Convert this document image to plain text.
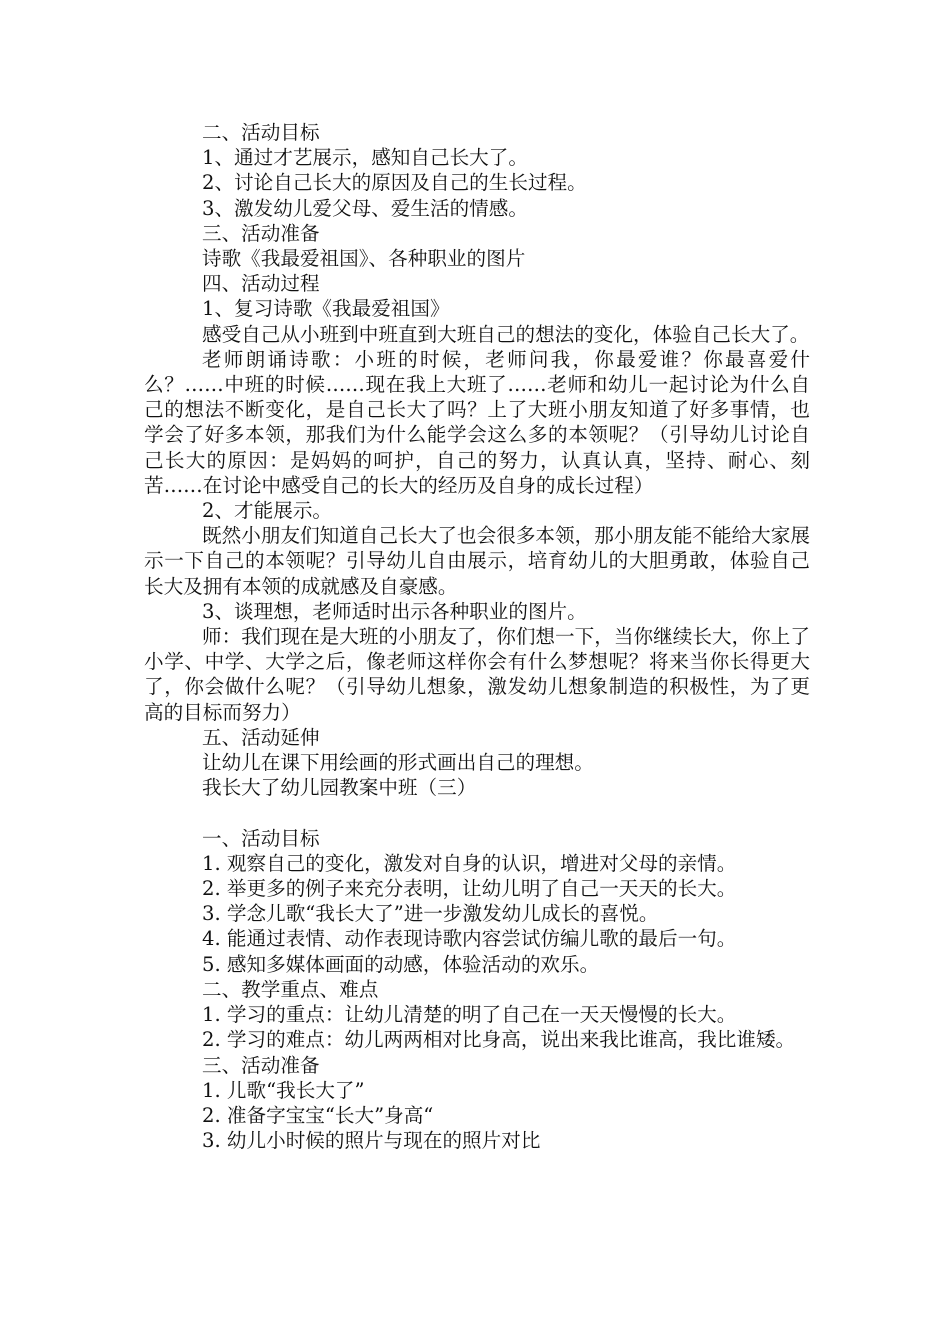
二、活动目标

1、通过才艺展示，感知自己长大了。

2、讨论自己长大的原因及自己的生长过程。

3、激发幼儿爱父母、爱生活的情感。

三、活动准备

诗歌《我最爱祖国》、各种职业的图片

四、活动过程

1、复习诗歌《我最爱祖国》

感受自己从小班到中班直到大班自己的想法的变化，体验自己长大了。

老师朗诵诗歌：小班的时候，老师问我，你最爱谁？你最喜爱什么？……中班的时候……现在我上大班了……老师和幼儿一起讨论为什么自己的想法不断变化，是自己长大了吗？上了大班小朋友知道了好多事情，也学会了好多本领，那我们为什么能学会这么多的本领呢？（引导幼儿讨论自己长大的原因：是妈妈的呵护，自己的努力，认真认真，坚持、耐心、刻苦……在讨论中感受自己的长大的经历及自身的成长过程）

2、才能展示。

既然小朋友们知道自己长大了也会很多本领，那小朋友能不能给大家展示一下自己的本领呢？引导幼儿自由展示，培育幼儿的大胆勇敢，体验自己长大及拥有本领的成就感及自豪感。

3、谈理想，老师适时出示各种职业的图片。

师：我们现在是大班的小朋友了，你们想一下，当你继续长大，你上了小学、中学、大学之后，像老师这样你会有什么梦想呢？将来当你长得更大了，你会做什么呢？（引导幼儿想象，激发幼儿想象制造的积极性，为了更高的目标而努力）

五、活动延伸

让幼儿在课下用绘画的形式画出自己的理想。

我长大了幼儿园教案中班（三）

一、活动目标

1. 观察自己的变化，激发对自身的认识，增进对父母的亲情。

2. 举更多的例子来充分表明，让幼儿明了自己一天天的长大。

3. 学念儿歌“我长大了”进一步激发幼儿成长的喜悦。

4. 能通过表情、动作表现诗歌内容尝试仿编儿歌的最后一句。

5. 感知多媒体画面的动感，体验活动的欢乐。

二、教学重点、难点

1. 学习的重点：让幼儿清楚的明了自己在一天天慢慢的长大。

2. 学习的难点：幼儿两两相对比身高，说出来我比谁高，我比谁矮。

三、活动准备

1. 儿歌“我长大了”

2. 准备字宝宝“长大”身高“

3. 幼儿小时候的照片与现在的照片对比
